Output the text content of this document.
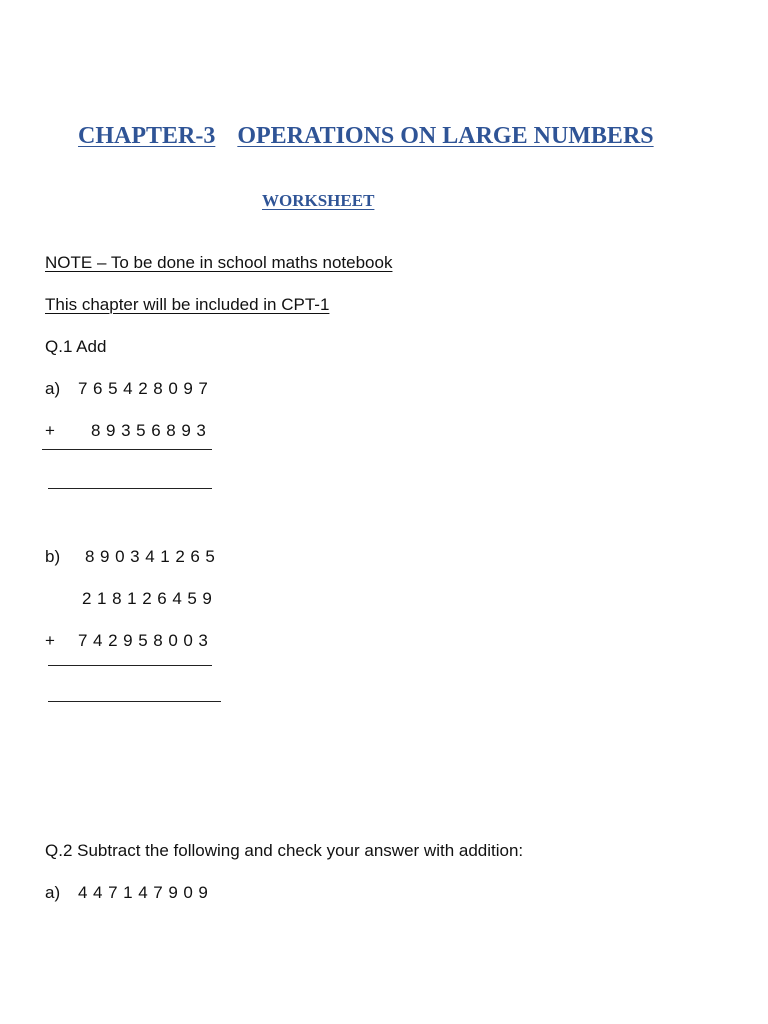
CHAPTER-3 OPERATIONS ON LARGE NUMBERS
WORKSHEET
NOTE – To be done in school maths notebook
This chapter will be included in CPT-1
Q.1 Add
a) 765428097
+ 89356893
b) 890341265
218126459
+ 742958003
Q.2 Subtract the following and check your answer with addition:
a) 447147909
